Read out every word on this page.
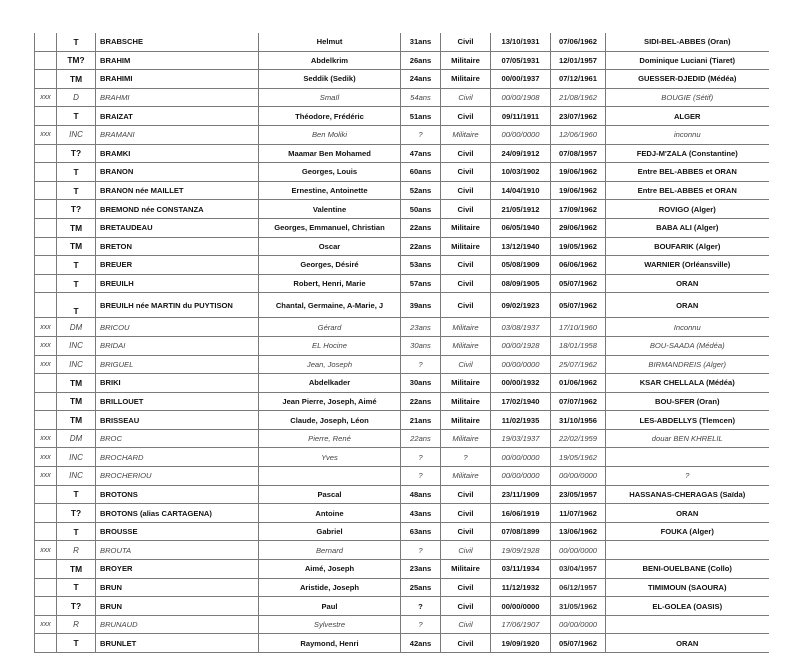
	T	BRABSCHE	Helmut	31ans	Civil	13/10/1931	07/06/1962	SIDI-BEL-ABBES (Oran)
	TM?	BRAHIM	Abdelkrim	26ans	Militaire	07/05/1931	12/01/1957	Dominique Luciani (Tiaret)
	TM	BRAHIMI	Seddik (Sedik)	24ans	Militaire	00/00/1937	07/12/1961	GUESSER-DJEDID (Médéa)
xxx	D	BRAHMI	Smaïl	54ans	Civil	00/00/1908	21/08/1962	BOUGIE (Sétif)
	T	BRAIZAT	Théodore, Frédéric	51ans	Civil	09/11/1911	23/07/1962	ALGER
xxx	INC	BRAMANI	Ben Moliki	?	Militaire	00/00/0000	12/06/1960	inconnu
	T?	BRAMKI	Maamar Ben Mohamed	47ans	Civil	24/09/1912	07/08/1957	FEDJ-M'ZALA (Constantine)
	T	BRANON	Georges, Louis	60ans	Civil	10/03/1902	19/06/1962	Entre BEL-ABBES et ORAN
	T	BRANON née MAILLET	Ernestine, Antoinette	52ans	Civil	14/04/1910	19/06/1962	Entre BEL-ABBES et ORAN
	T?	BREMOND née CONSTANZA	Valentine	50ans	Civil	21/05/1912	17/09/1962	ROVIGO (Alger)
	TM	BRETAUDEAU	Georges, Emmanuel, Christian	22ans	Militaire	06/05/1940	29/06/1962	BABA ALI (Alger)
	TM	BRETON	Oscar	22ans	Militaire	13/12/1940	19/05/1962	BOUFARIK (Alger)
	T	BREUER	Georges, Désiré	53ans	Civil	05/08/1909	06/06/1962	WARNIER (Orléansville)
	T	BREUILH	Robert, Henri, Marie	57ans	Civil	08/09/1905	05/07/1962	ORAN
	T	BREUILH née MARTIN du PUYTISON	Chantal, Germaine, A-Marie, J	39ans	Civil	09/02/1923	05/07/1962	ORAN
xxx	DM	BRICOU	Gérard	23ans	Militaire	03/08/1937	17/10/1960	Inconnu
xxx	INC	BRIDAI	EL Hocine	30ans	Militaire	00/00/1928	18/01/1958	BOU-SAADA (Médéa)
xxx	INC	BRIGUEL	Jean, Joseph	?	Civil	00/00/0000	25/07/1962	BIRMANDREIS (Alger)
	TM	BRIKI	Abdelkader	30ans	Militaire	00/00/1932	01/06/1962	KSAR CHELLALA (Médéa)
	TM	BRILLOUET	Jean Pierre, Joseph, Aimé	22ans	Militaire	17/02/1940	07/07/1962	BOU-SFER (Oran)
	TM	BRISSEAU	Claude, Joseph, Léon	21ans	Militaire	11/02/1935	31/10/1956	LES-ABDELLYS (Tlemcen)
xxx	DM	BROC	Pierre, René	22ans	Militaire	19/03/1937	22/02/1959	douar BEN KHRELIL
xxx	INC	BROCHARD	Yves	?	?	00/00/0000	19/05/1962	
xxx	INC	BROCHERIOU		?	Militaire	00/00/0000	00/00/0000	?
	T	BROTONS	Pascal	48ans	Civil	23/11/1909	23/05/1957	HASSANAS-CHERAGAS (Saïda)
	T?	BROTONS (alias CARTAGENA)	Antoine	43ans	Civil	16/06/1919	11/07/1962	ORAN
	T	BROUSSE	Gabriel	63ans	Civil	07/08/1899	13/06/1962	FOUKA (Alger)
xxx	R	BROUTA	Bernard	?	Civil	19/09/1928	00/00/0000	
	TM	BROYER	Aimé, Joseph	23ans	Militaire	03/11/1934	03/04/1957	BENI-OUELBANE (Collo)
	T	BRUN	Aristide, Joseph	25ans	Civil	11/12/1932	06/12/1957	TIMIMOUN (SAOURA)
	T?	BRUN	Paul	?	Civil	00/00/0000	31/05/1962	EL-GOLEA (OASIS)
xxx	R	BRUNAUD	Sylvestre	?	Civil	17/06/1907	00/00/0000	
	T	BRUNLET	Raymond, Henri	42ans	Civil	19/09/1920	05/07/1962	ORAN
